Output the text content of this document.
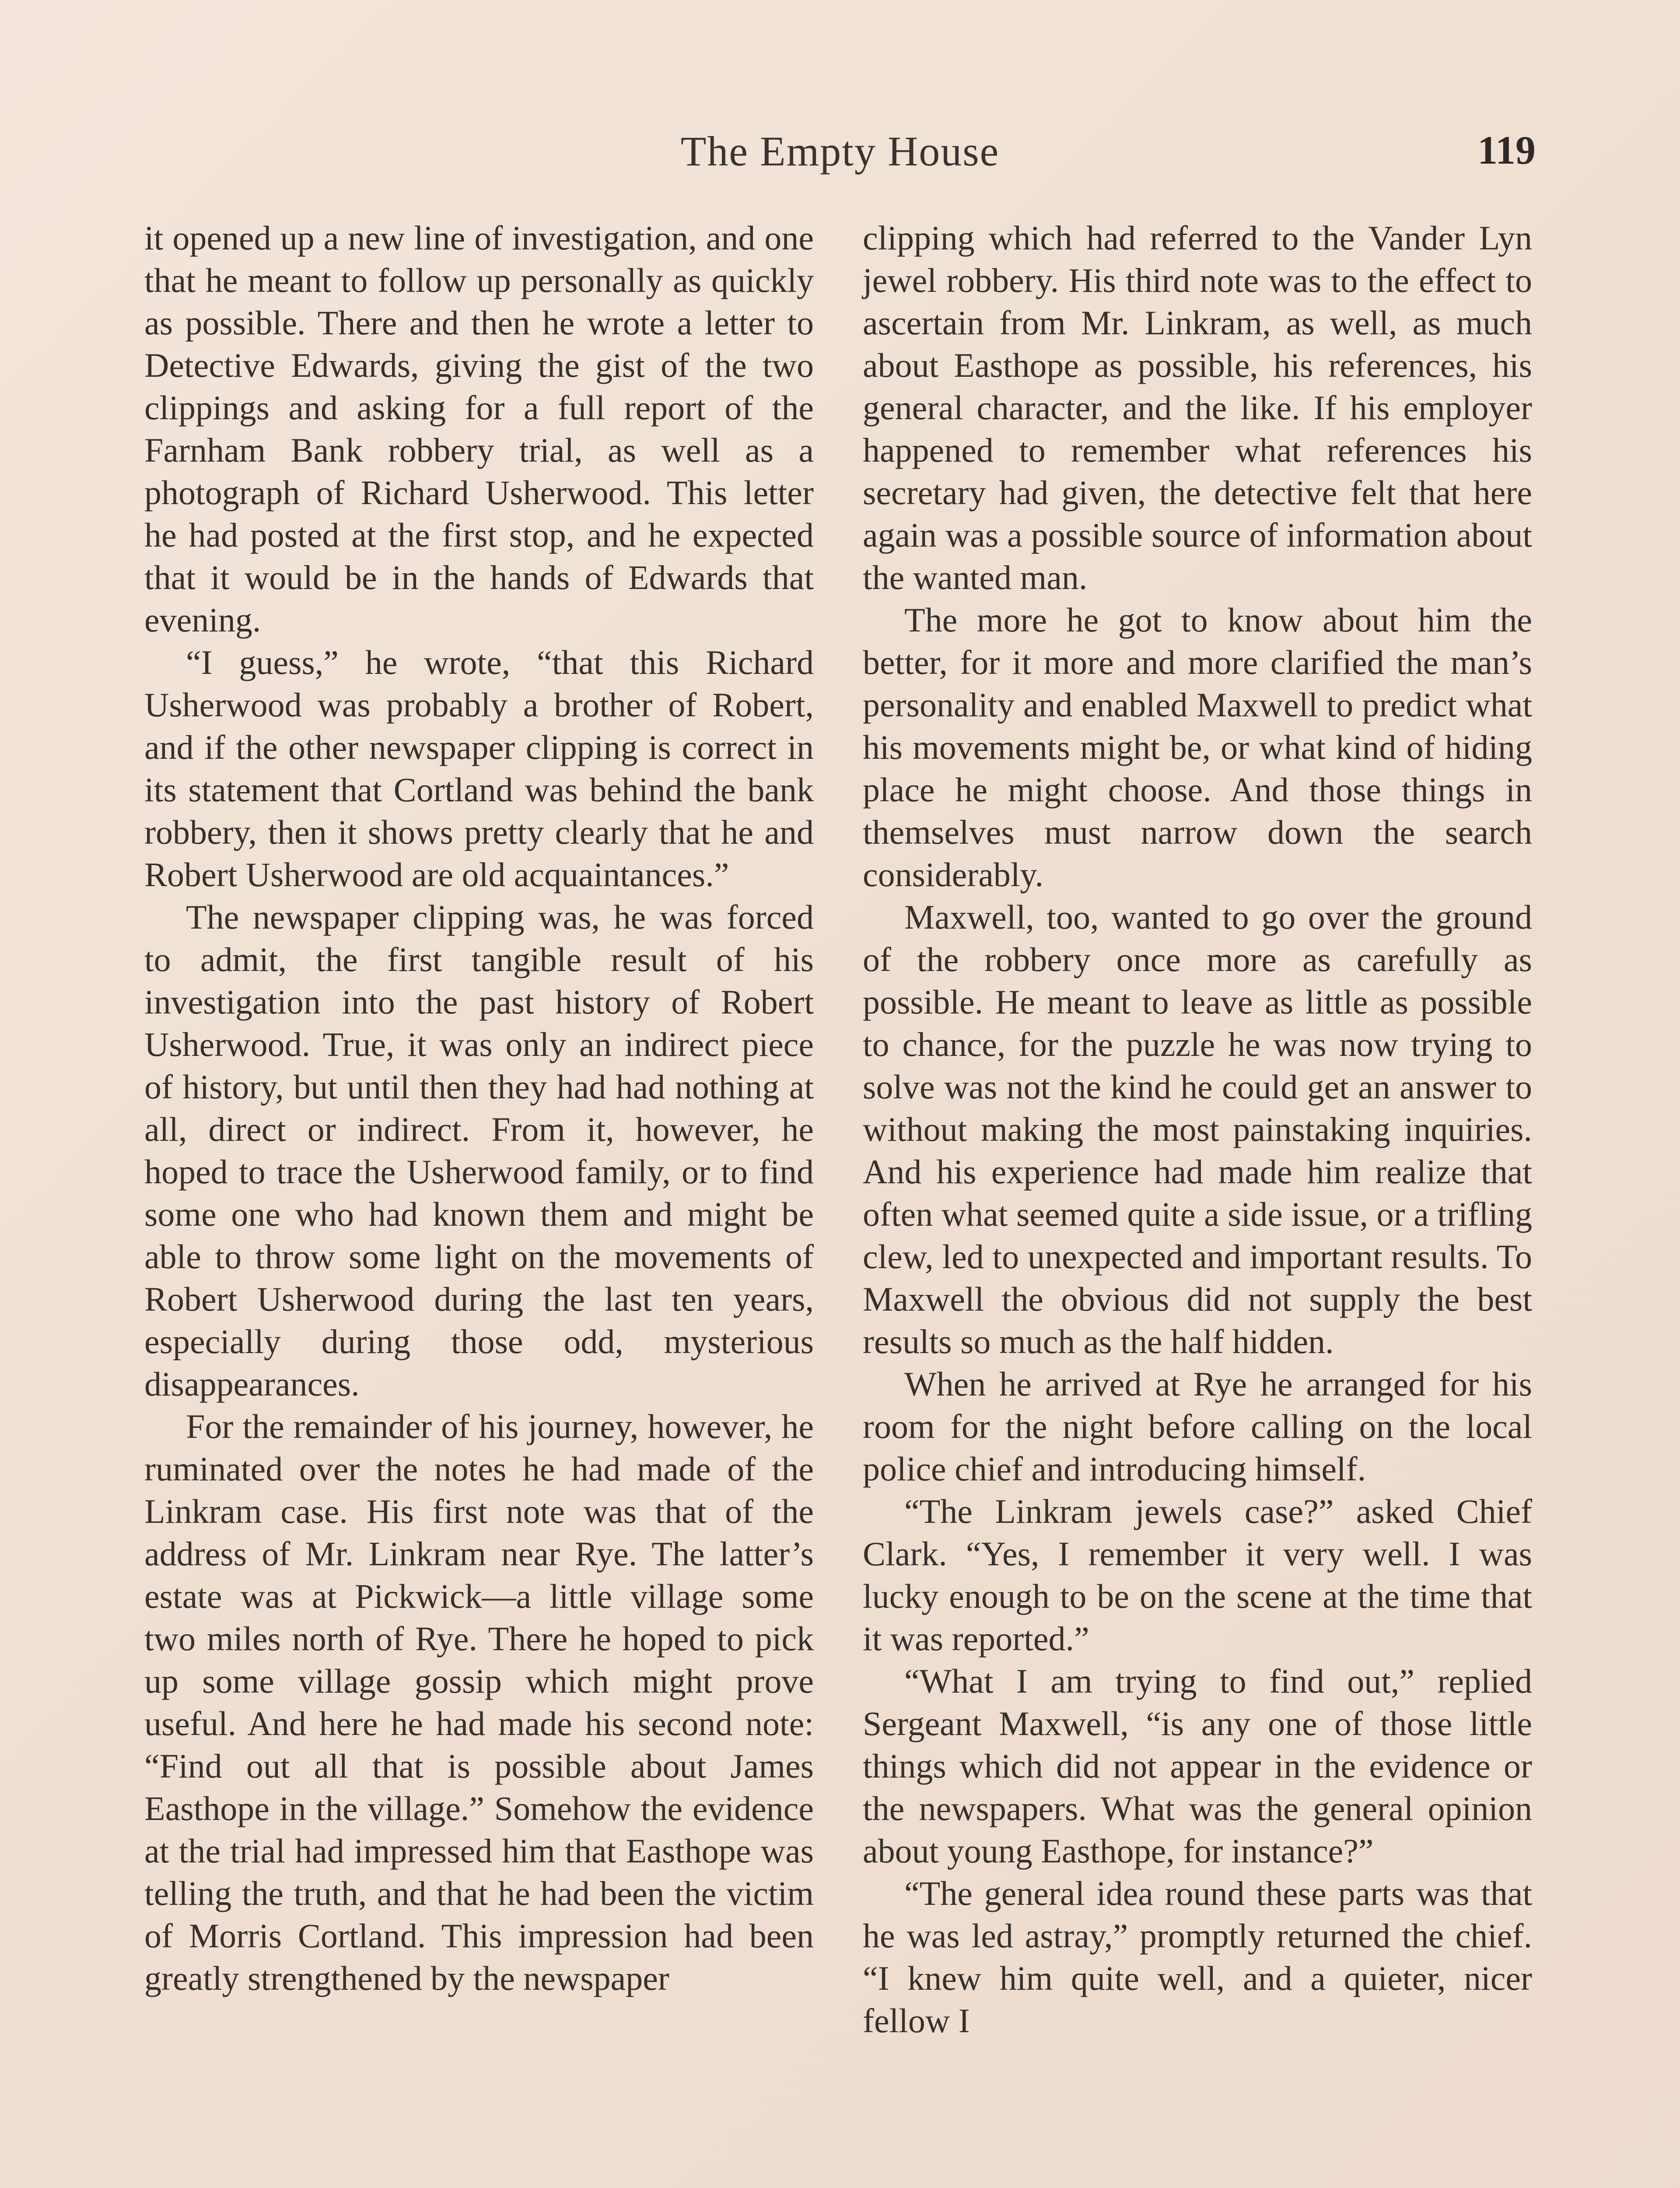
The Empty House	119

it opened up a new line of investigation, and one that he meant to follow up personally as quickly as possible. There and then he wrote a letter to Detective Edwards, giving the gist of the two clippings and asking for a full report of the Farnham Bank robbery trial, as well as a photograph of Richard Usherwood. This letter he had posted at the first stop, and he expected that it would be in the hands of Edwards that evening.

“I guess,” he wrote, “that this Richard Usherwood was probably a brother of Robert, and if the other newspaper clipping is correct in its statement that Cortland was behind the bank robbery, then it shows pretty clearly that he and Robert Usherwood are old acquaintances.”

The newspaper clipping was, he was forced to admit, the first tangible result of his investigation into the past history of Robert Usherwood. True, it was only an indirect piece of history, but until then they had had nothing at all, direct or indirect. From it, however, he hoped to trace the Usherwood family, or to find some one who had known them and might be able to throw some light on the movements of Robert Usherwood during the last ten years, especially during those odd, mysterious disappearances.

For the remainder of his journey, however, he ruminated over the notes he had made of the Linkram case. His first note was that of the address of Mr. Linkram near Rye. The latter’s estate was at Pickwick—a little village some two miles north of Rye. There he hoped to pick up some village gossip which might prove useful. And here he had made his second note: “Find out all that is possible about James Easthope in the village.” Somehow the evidence at the trial had impressed him that Easthope was telling the truth, and that he had been the victim of Morris Cortland. This impression had been greatly strengthened by the newspaper

clipping which had referred to the Vander Lyn jewel robbery. His third note was to the effect to ascertain from Mr. Linkram, as well, as much about Easthope as possible, his references, his general character, and the like. If his employer happened to remember what references his secretary had given, the detective felt that here again was a possible source of information about the wanted man.

The more he got to know about him the better, for it more and more clarified the man’s personality and enabled Maxwell to predict what his movements might be, or what kind of hiding place he might choose. And those things in themselves must narrow down the search considerably.

Maxwell, too, wanted to go over the ground of the robbery once more as carefully as possible. He meant to leave as little as possible to chance, for the puzzle he was now trying to solve was not the kind he could get an answer to without making the most painstaking inquiries. And his experience had made him realize that often what seemed quite a side issue, or a trifling clew, led to unexpected and important results. To Maxwell the obvious did not supply the best results so much as the half hidden.

When he arrived at Rye he arranged for his room for the night before calling on the local police chief and introducing himself.

“The Linkram jewels case?” asked Chief Clark. “Yes, I remember it very well. I was lucky enough to be on the scene at the time that it was reported.”

“What I am trying to find out,” replied Sergeant Maxwell, “is any one of those little things which did not appear in the evidence or the newspapers. What was the general opinion about young Easthope, for instance?”

“The general idea round these parts was that he was led astray,” promptly returned the chief. “I knew him quite well, and a quieter, nicer fellow I
